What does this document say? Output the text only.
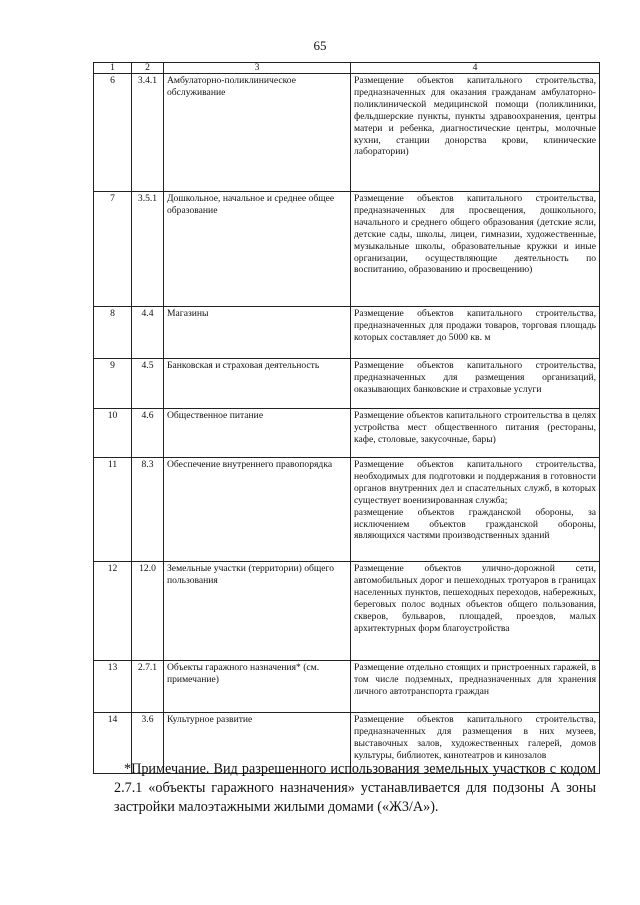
65
1	2	3	4
6	3.4.1	Амбулаторно-поликлиническое обслуживание	Размещение объектов капитального строительства, предназначенных для оказания гражданам амбулаторно-поликлинической медицинской помощи (поликлиники, фельдшерские пункты, пункты здравоохранения, центры матери и ребенка, диагностические центры, молочные кухни, станции донорства крови, клинические лаборатории)
7	3.5.1	Дошкольное, начальное и среднее общее образование	Размещение объектов капитального строительства, предназначенных для просвещения, дошкольного, начального и среднего общего образования (детские ясли, детские сады, школы, лицеи, гимназии, художественные, музыкальные школы, образовательные кружки и иные организации, осуществляющие деятельность по воспитанию, образованию и просвещению)
8	4.4	Магазины	Размещение объектов капитального строительства, предназначенных для продажи товаров, торговая площадь которых составляет до 5000 кв. м
9	4.5	Банковская и страховая деятельность	Размещение объектов капитального строительства, предназначенных для размещения организаций, оказывающих банковские и страховые услуги
10	4.6	Общественное питание	Размещение объектов капитального строительства в целях устройства мест общественного питания (рестораны, кафе, столовые, закусочные, бары)
11	8.3	Обеспечение внутреннего правопорядка	Размещение объектов капитального строительства, необходимых для подготовки и поддержания в готовности органов внутренних дел и спасательных служб, в которых существует военизированная служба;
размещение объектов гражданской обороны, за исключением объектов гражданской обороны, являющихся частями производственных зданий
12	12.0	Земельные участки (территории) общего пользования	Размещение объектов улично-дорожной сети, автомобильных дорог и пешеходных тротуаров в границах населенных пунктов, пешеходных переходов, набережных, береговых полос водных объектов общего пользования, скверов, бульваров, площадей, проездов, малых архитектурных форм благоустройства
13	2.7.1	Объекты гаражного назначения* (см. примечание)	Размещение отдельно стоящих и пристроенных гаражей, в том числе подземных, предназначенных для хранения личного автотранспорта граждан
14	3.6	Культурное развитие	Размещение объектов капитального строительства, предназначенных для размещения в них музеев, выставочных залов, художественных галерей, домов культуры, библиотек, кинотеатров и кинозалов
*Примечание. Вид разрешенного использования земельных участков с кодом 2.7.1 «объекты гаражного назначения» устанавливается для подзоны А зоны застройки малоэтажными жилыми домами («Ж3/А»).
